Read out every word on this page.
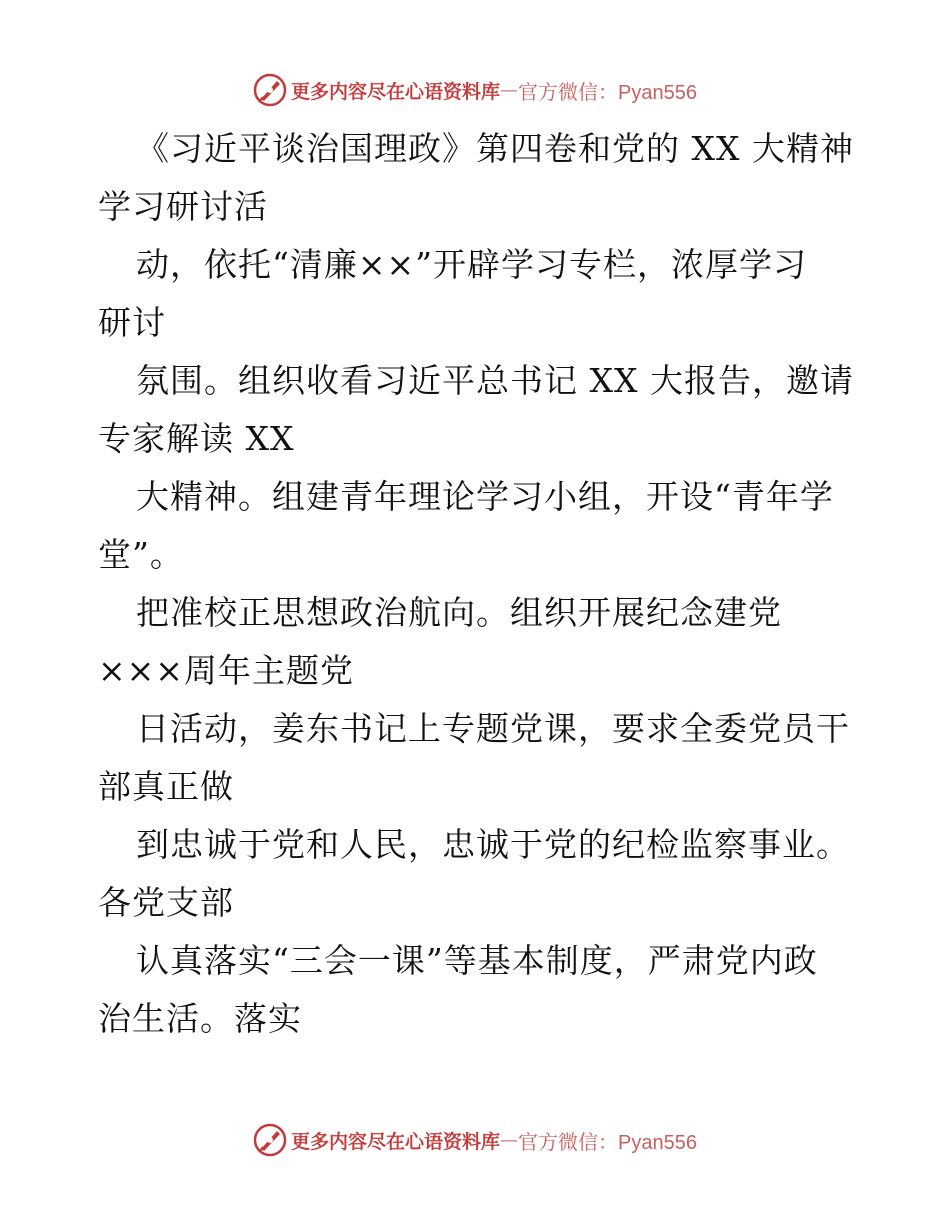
更多内容尽在心语资料库 — 官方微信：Pyan556
《习近平谈治国理政》第四卷和党的 XX 大精神
学习研讨活
动，依托“清廉××”开辟学习专栏，浓厚学习
研讨
氛围。组织收看习近平总书记 XX 大报告，邀请
专家解读 XX
大精神。组建青年理论学习小组，开设“青年学
堂”。
把准校正思想政治航向。组织开展纪念建党
×××周年主题党
日活动，姜东书记上专题党课，要求全委党员干
部真正做
到忠诚于党和人民，忠诚于党的纪检监察事业。
各党支部
认真落实“三会一课”等基本制度，严肃党内政
治生活。落实
更多内容尽在心语资料库 — 官方微信：Pyan556
